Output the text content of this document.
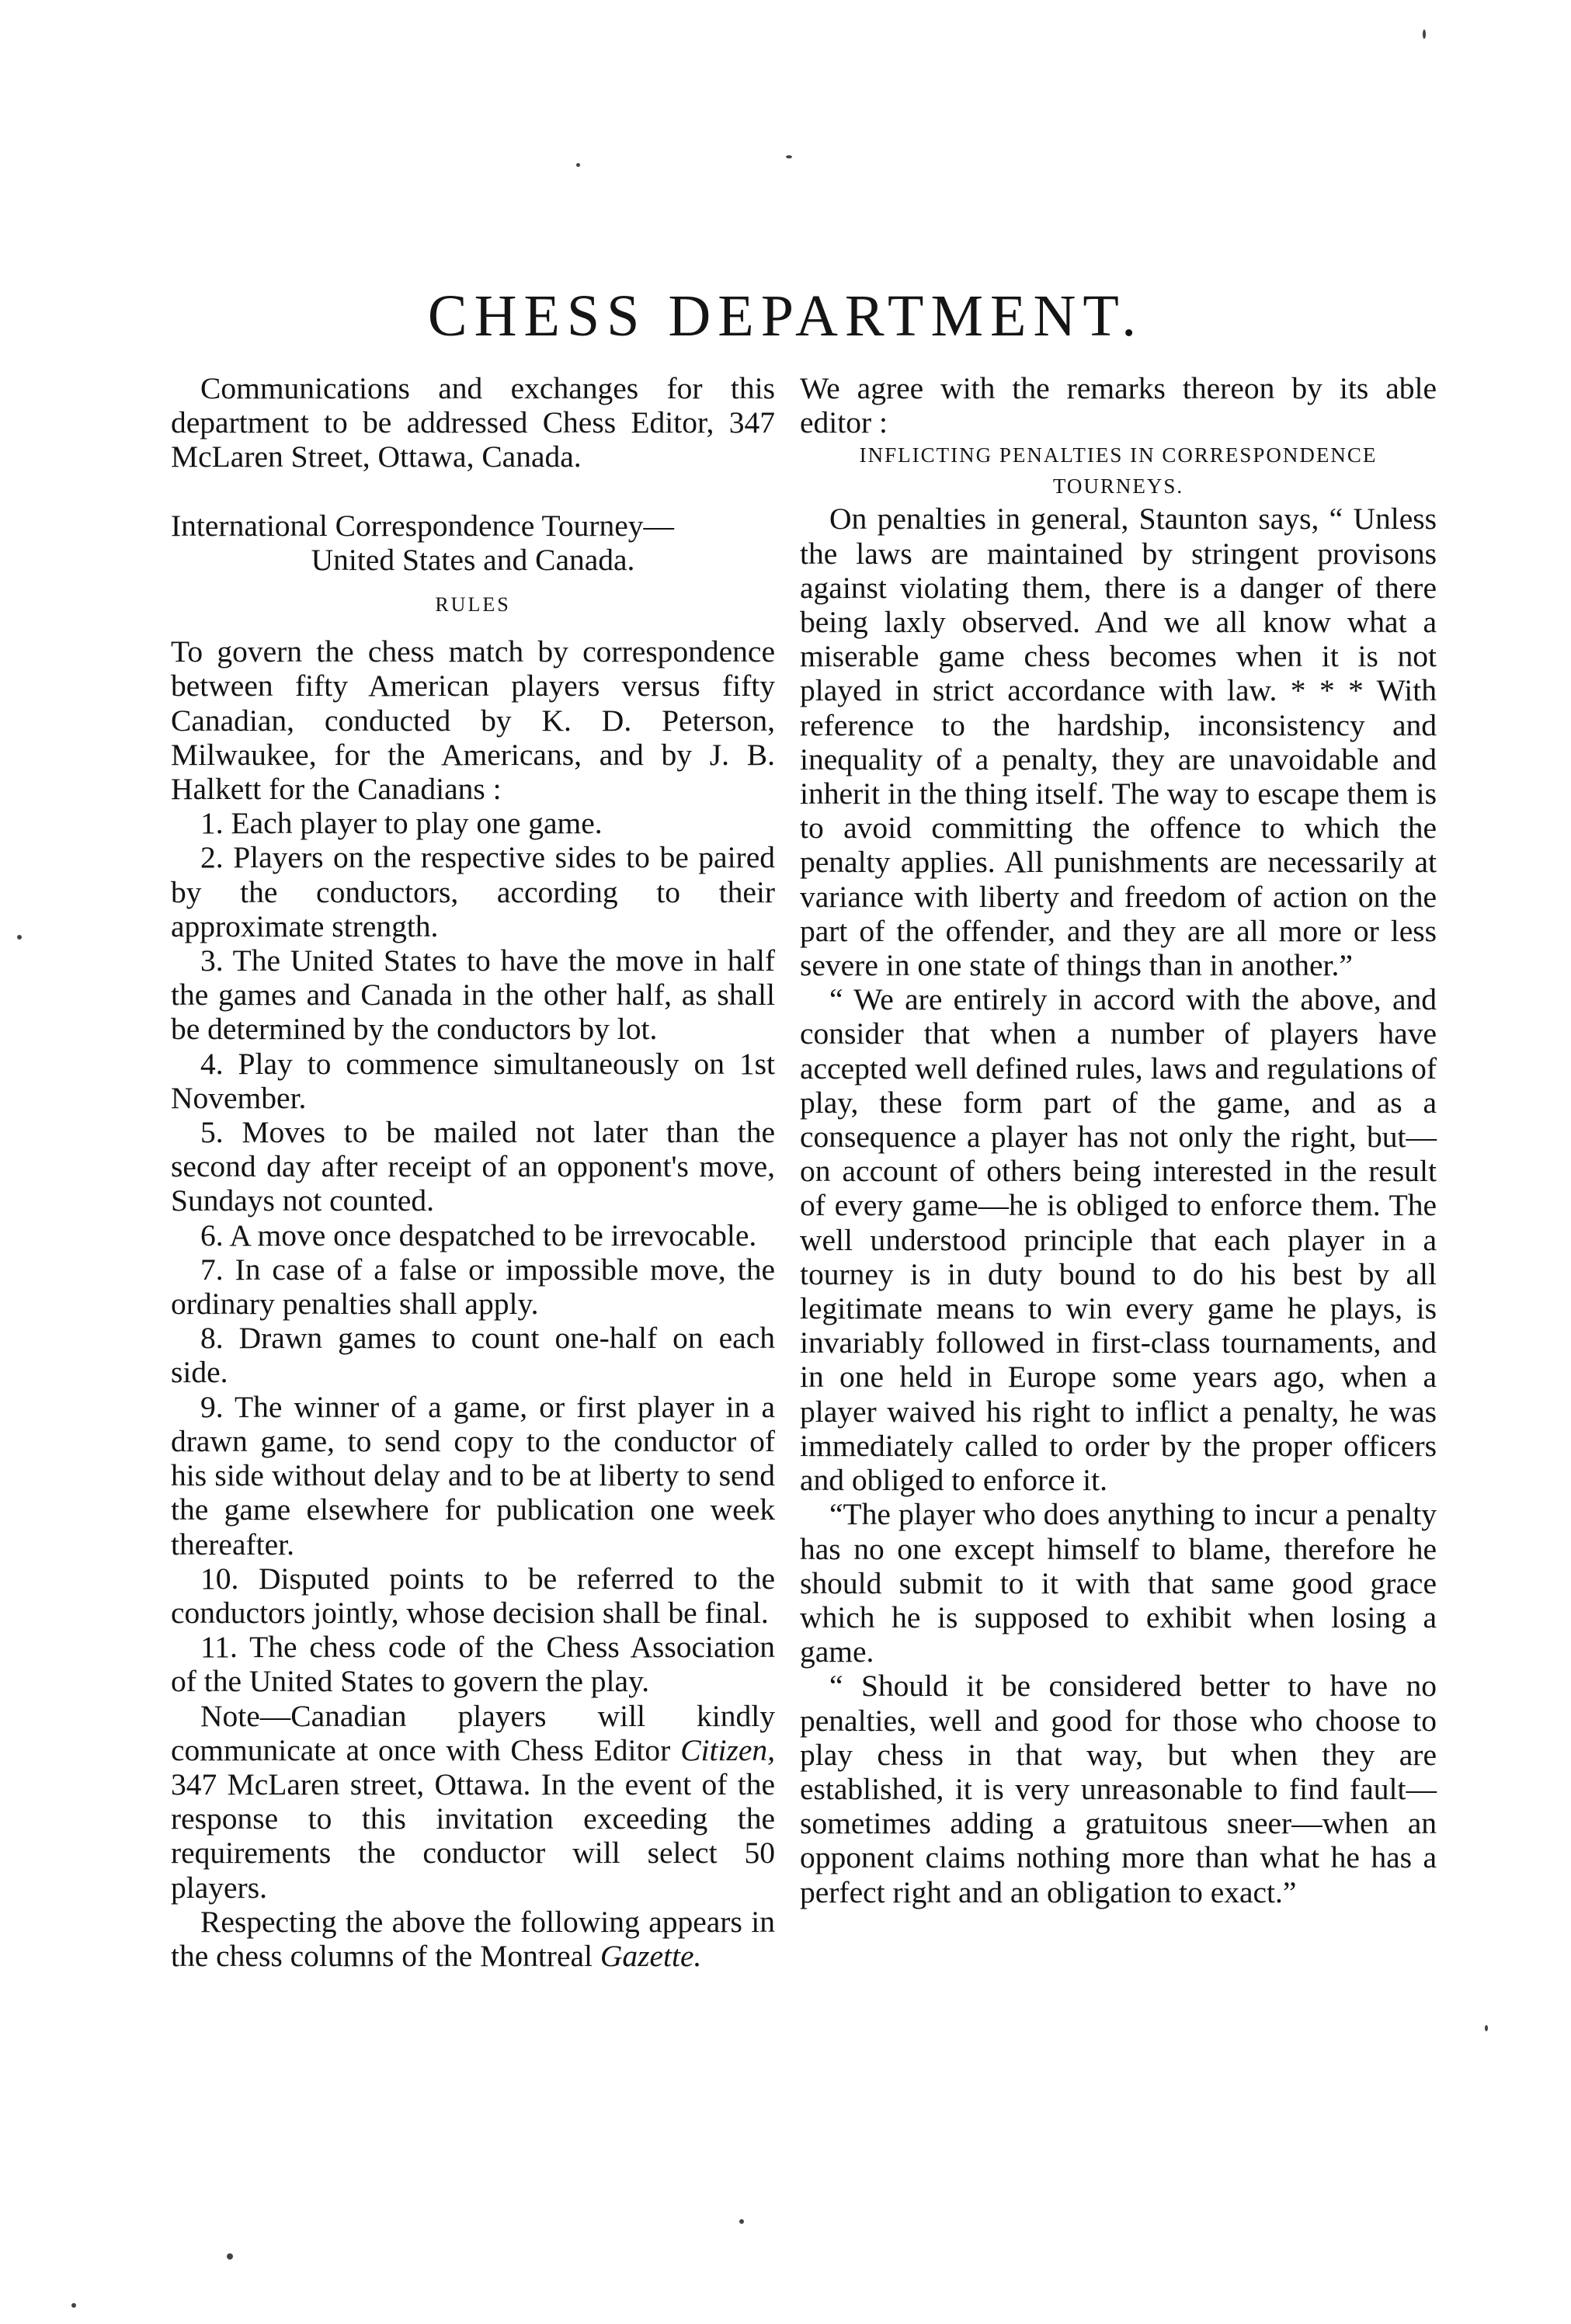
CHESS DEPARTMENT.

Communications and exchanges for this department to be addressed Chess Editor, 347 McLaren Street, Ottawa, Canada.

International Correspondence Tourney—

United States and Canada.

RULES

To govern the chess match by correspondence between fifty American players versus fifty Canadian, conducted by K. D. Peterson, Milwaukee, for the Americans, and by J. B. Halkett for the Canadians :

1. Each player to play one game.

2. Players on the respective sides to be paired by the conductors, according to their approximate strength.

3. The United States to have the move in half the games and Canada in the other half, as shall be determined by the conductors by lot.

4. Play to commence simultaneously on 1st November.

5. Moves to be mailed not later than the second day after receipt of an opponent's move, Sundays not counted.

6. A move once despatched to be irrevocable.

7. In case of a false or impossible move, the ordinary penalties shall apply.

8. Drawn games to count one-half on each side.

9. The winner of a game, or first player in a drawn game, to send copy to the conductor of his side without delay and to be at liberty to send the game elsewhere for publication one week thereafter.

10. Disputed points to be referred to the conductors jointly, whose decision shall be final.

11. The chess code of the Chess Association of the United States to govern the play.

Note—Canadian players will kindly communicate at once with Chess Editor Citizen, 347 McLaren street, Ottawa. In the event of the response to this invitation exceeding the requirements the conductor will select 50 players.

Respecting the above the following appears in the chess columns of the Montreal Gazette.

We agree with the remarks thereon by its able editor :

INFLICTING PENALTIES IN CORRESPONDENCE TOURNEYS.

On penalties in general, Staunton says, “ Unless the laws are maintained by stringent provisons against violating them, there is a danger of there being laxly observed. And we all know what a miserable game chess becomes when it is not played in strict accordance with law. * * * With reference to the hardship, inconsistency and inequality of a penalty, they are unavoidable and inherit in the thing itself. The way to escape them is to avoid committing the offence to which the penalty applies. All punishments are necessarily at variance with liberty and freedom of action on the part of the offender, and they are all more or less severe in one state of things than in another.”

“ We are entirely in accord with the above, and consider that when a number of players have accepted well defined rules, laws and regulations of play, these form part of the game, and as a consequence a player has not only the right, but—on account of others being interested in the result of every game—he is obliged to enforce them. The well understood principle that each player in a tourney is in duty bound to do his best by all legitimate means to win every game he plays, is invariably followed in first-class tournaments, and in one held in Europe some years ago, when a player waived his right to inflict a penalty, he was immediately called to order by the proper officers and obliged to enforce it.

“The player who does anything to incur a penalty has no one except himself to blame, therefore he should submit to it with that same good grace which he is supposed to exhibit when losing a game.

“ Should it be considered better to have no penalties, well and good for those who choose to play chess in that way, but when they are established, it is very unreasonable to find fault—sometimes adding a gratuitous sneer—when an opponent claims nothing more than what he has a perfect right and an obligation to exact.”
